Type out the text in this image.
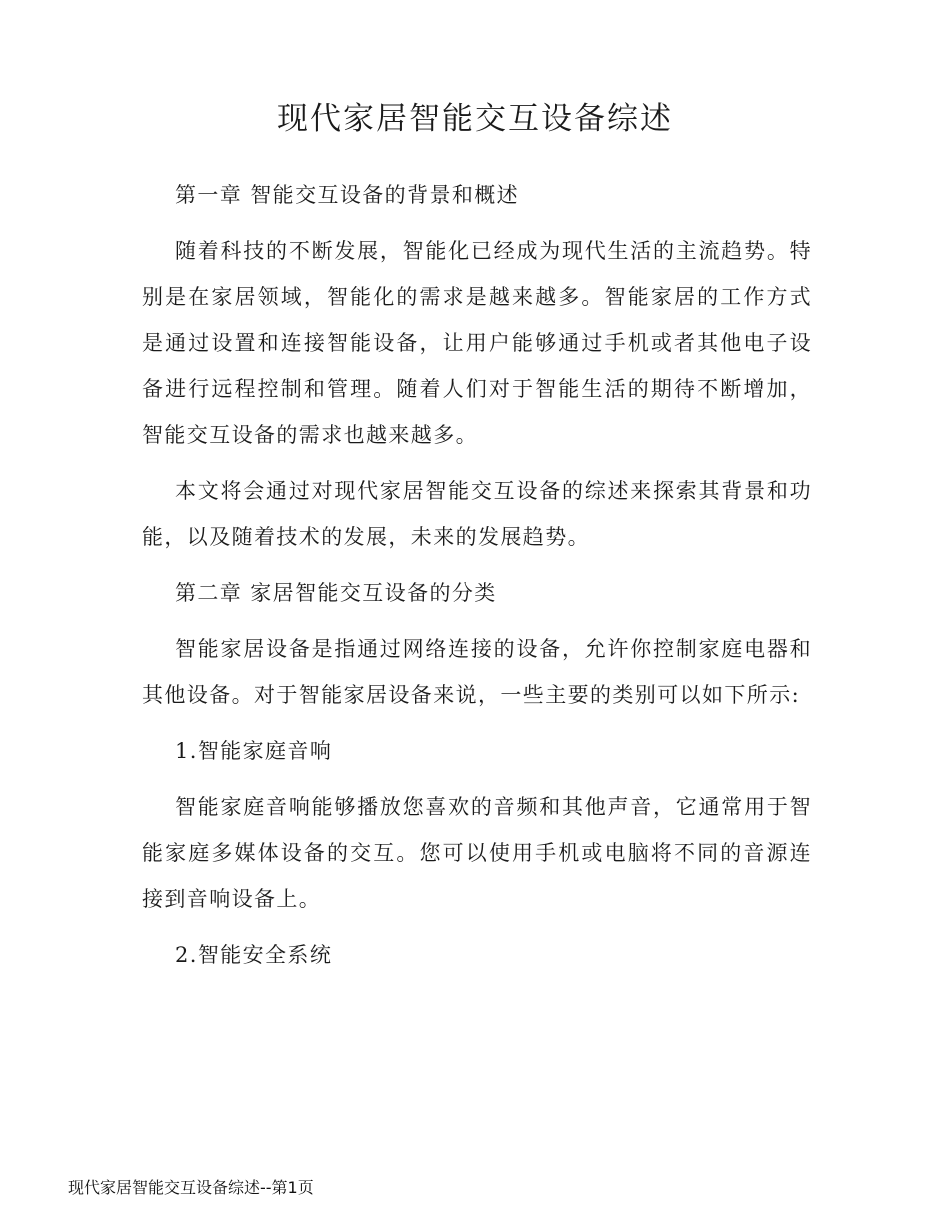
现代家居智能交互设备综述

第一章 智能交互设备的背景和概述

随着科技的不断发展，智能化已经成为现代生活的主流趋势。特别是在家居领域，智能化的需求是越来越多。智能家居的工作方式是通过设置和连接智能设备，让用户能够通过手机或者其他电子设备进行远程控制和管理。随着人们对于智能生活的期待不断增加，智能交互设备的需求也越来越多。

本文将会通过对现代家居智能交互设备的综述来探索其背景和功能，以及随着技术的发展，未来的发展趋势。

第二章 家居智能交互设备的分类

智能家居设备是指通过网络连接的设备，允许你控制家庭电器和其他设备。对于智能家居设备来说，一些主要的类别可以如下所示:

1.智能家庭音响

智能家庭音响能够播放您喜欢的音频和其他声音，它通常用于智能家庭多媒体设备的交互。您可以使用手机或电脑将不同的音源连接到音响设备上。

2.智能安全系统

现代家居智能交互设备综述--第1页
